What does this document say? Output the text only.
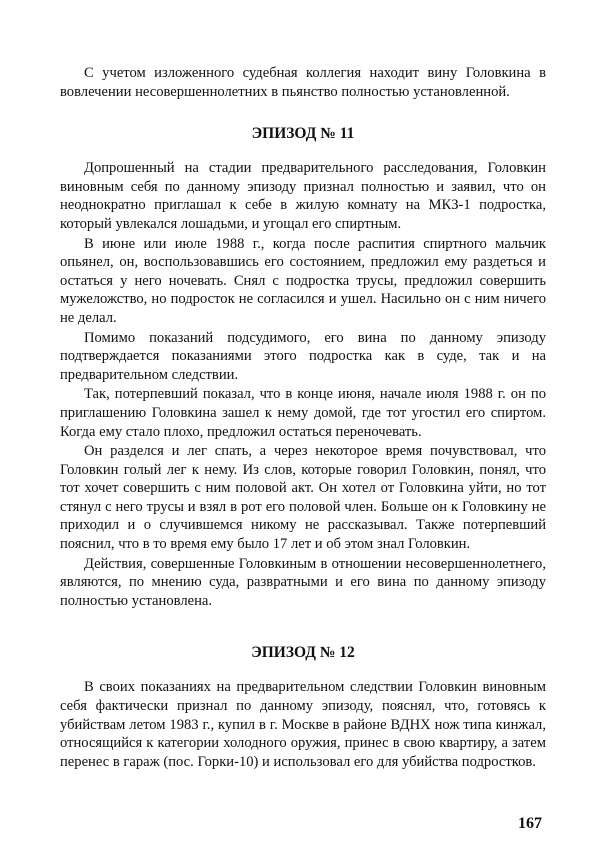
С учетом изложенного судебная коллегия находит вину Головкина в вовлечении несовершеннолетних в пьянство полностью установленной.

ЭПИЗОД № 11

Допрошенный на стадии предварительного расследования, Головкин виновным себя по данному эпизоду признал полностью и заявил, что он неоднократно приглашал к себе в жилую комнату на МКЗ-1 подростка, который увлекался лошадьми, и угощал его спиртным.

В июне или июле 1988 г., когда после распития спиртного мальчик опьянел, он, воспользовавшись его состоянием, предложил ему раздеться и остаться у него ночевать. Снял с подростка трусы, предложил совершить мужеложство, но подросток не согласился и ушел. Насильно он с ним ничего не делал.

Помимо показаний подсудимого, его вина по данному эпизоду подтверждается показаниями этого подростка как в суде, так и на предварительном следствии.

Так, потерпевший показал, что в конце июня, начале июля 1988 г. он по приглашению Головкина зашел к нему домой, где тот угостил его спиртом. Когда ему стало плохо, предложил остаться переночевать.

Он разделся и лег спать, а через некоторое время почувствовал, что Головкин голый лег к нему. Из слов, которые говорил Головкин, понял, что тот хочет совершить с ним половой акт. Он хотел от Головкина уйти, но тот стянул с него трусы и взял в рот его половой член. Больше он к Головкину не приходил и о случившемся никому не рассказывал. Также потерпевший пояснил, что в то время ему было 17 лет и об этом знал Головкин.

Действия, совершенные Головкиным в отношении несовершеннолетнего, являются, по мнению суда, развратными и его вина по данному эпизоду полностью установлена.

ЭПИЗОД № 12

В своих показаниях на предварительном следствии Головкин виновным себя фактически признал по данному эпизоду, пояснял, что, готовясь к убийствам летом 1983 г., купил в г. Москве в районе ВДНХ нож типа кинжал, относящийся к категории холодного оружия, принес в свою квартиру, а затем перенес в гараж (пос. Горки-10) и использовал его для убийства подростков.

167
